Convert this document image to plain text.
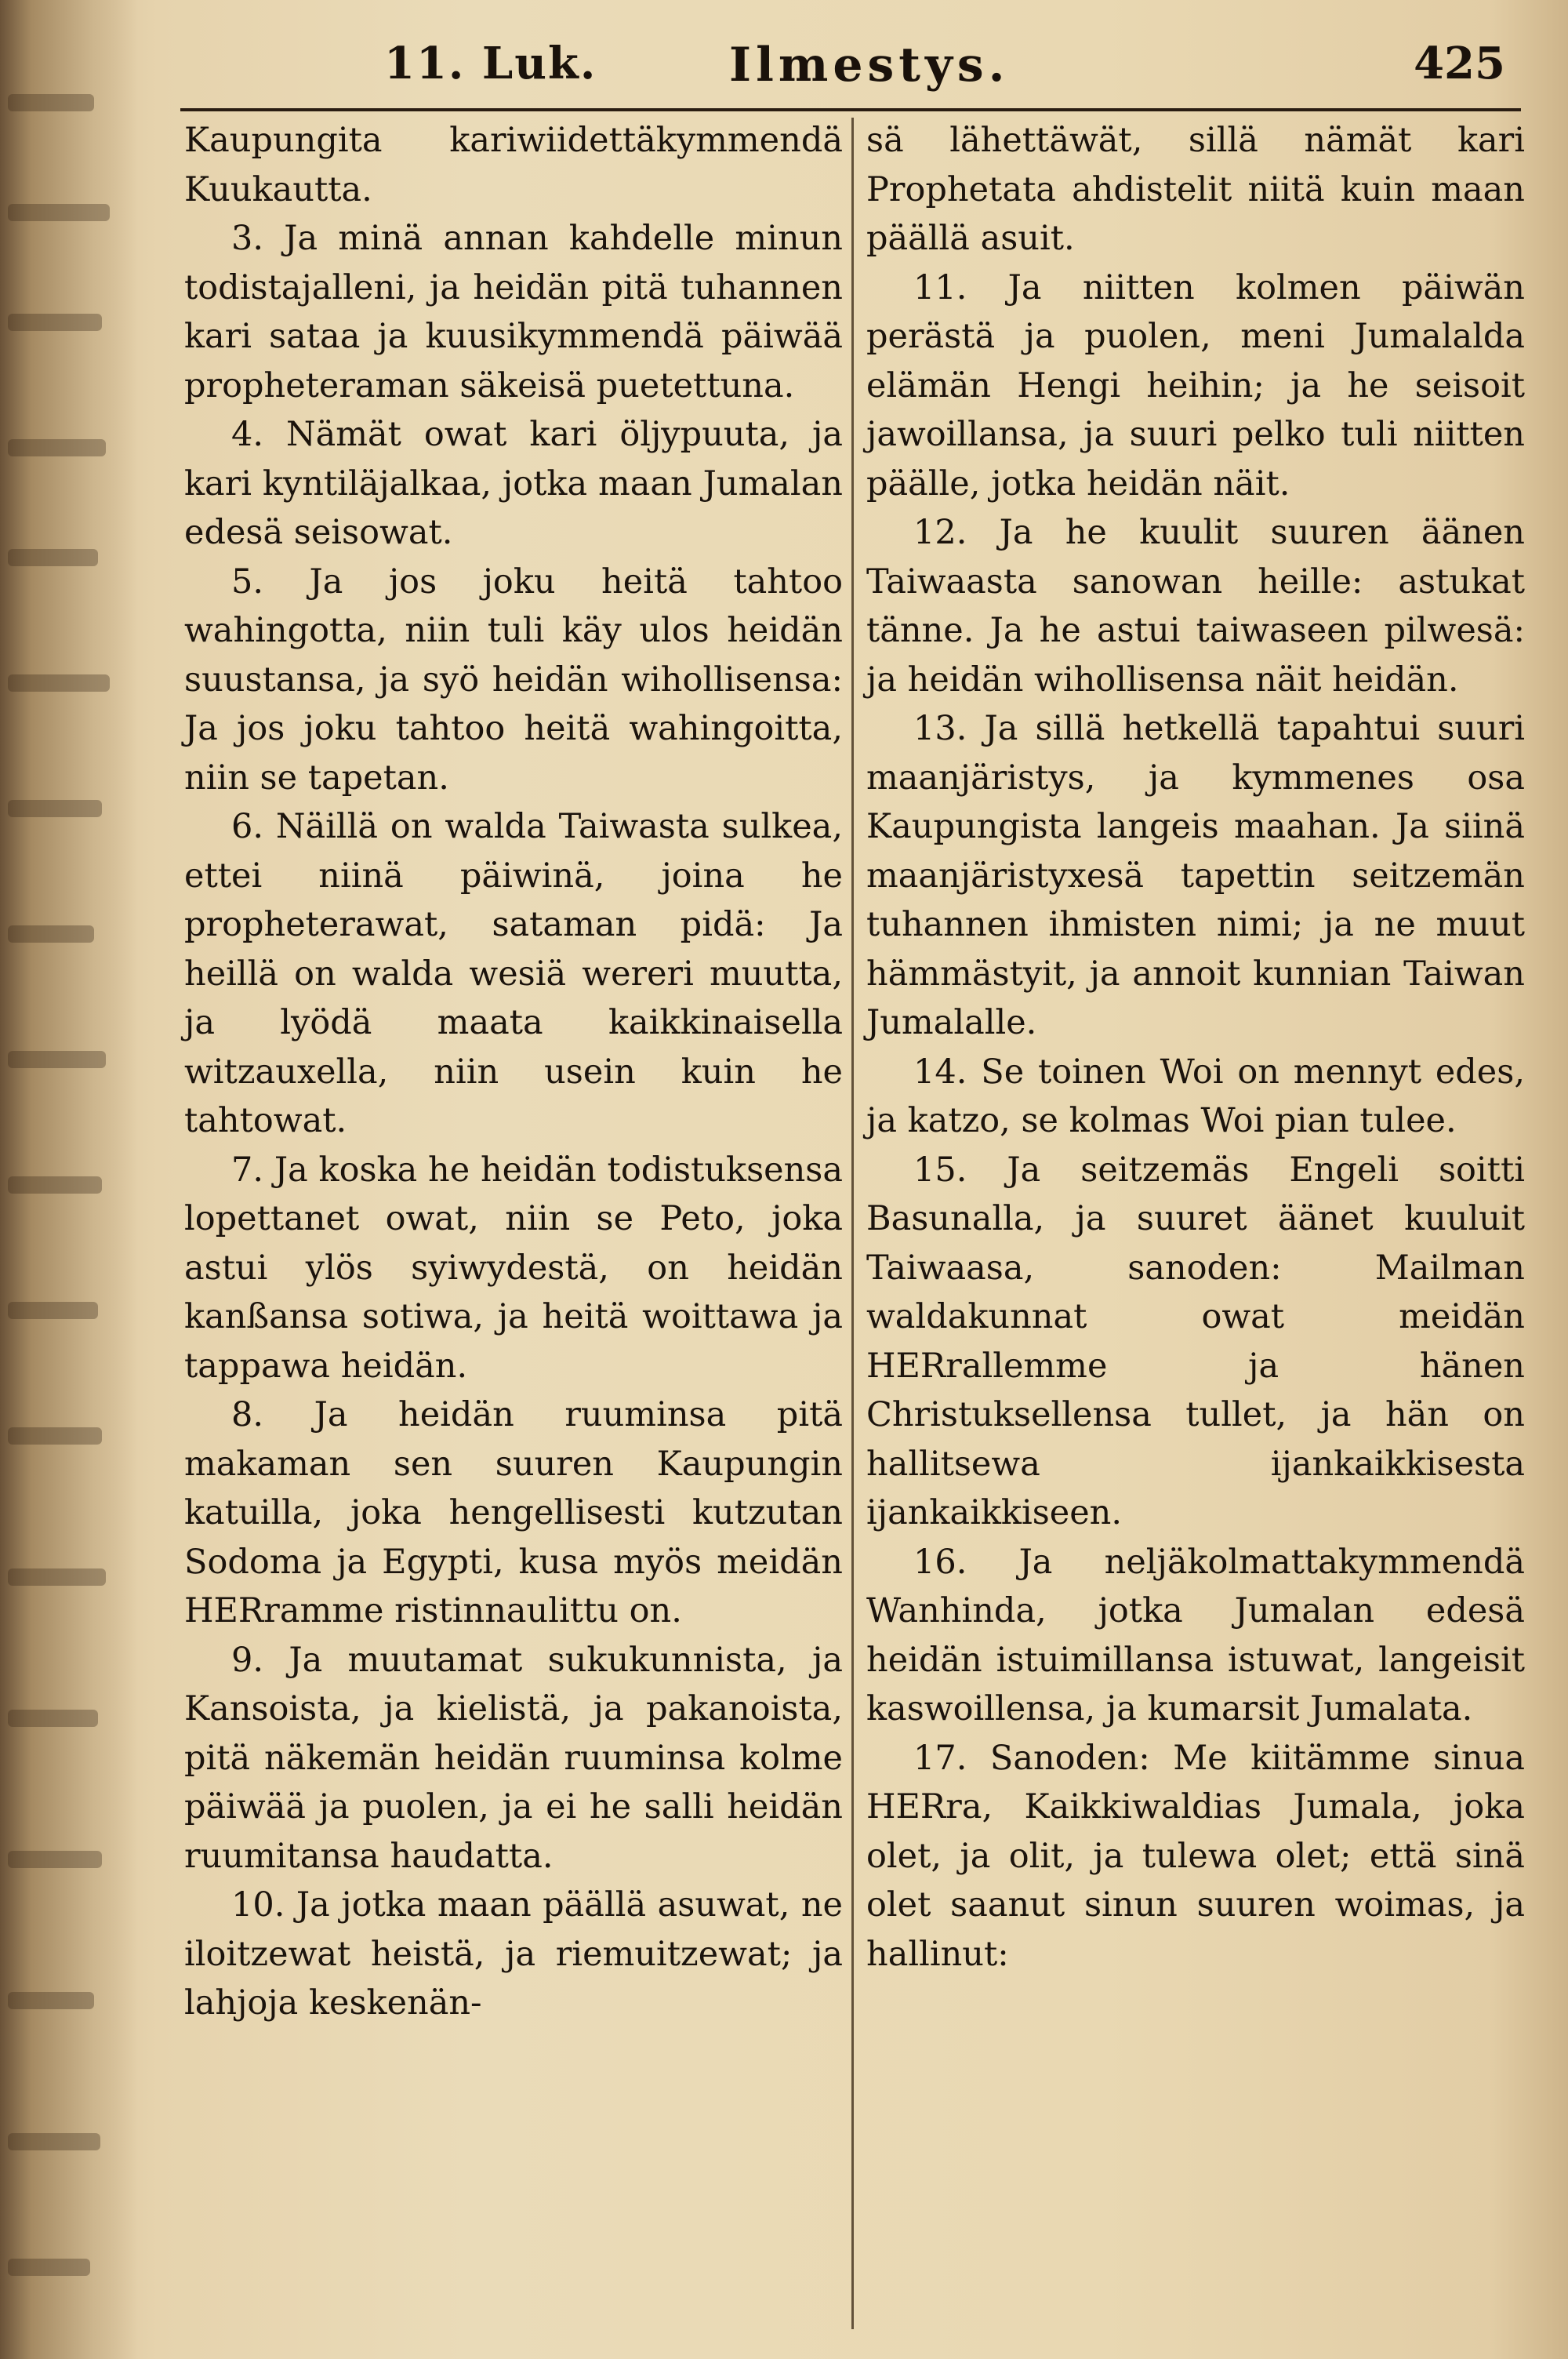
11. Luk.	Ilmestys.	425

Kaupungita kariwiidettäkymmendä Kuukautta.

3. Ja minä annan kahdelle minun todistajalleni, ja heidän pitä tuhannen kari sataa ja kuusikymmendä päiwää propheteraman säkeisä puetettuna.

4. Nämät owat kari öljypuuta, ja kari kyntiläjalkaa, jotka maan Jumalan edesä seisowat.

5. Ja jos joku heitä tahtoo wahingotta, niin tuli käy ulos heidän suustansa, ja syö heidän wihollisensa: Ja jos joku tahtoo heitä wahingoitta, niin se tapetan.

6. Näillä on walda Taiwasta sulkea, ettei niinä päiwinä, joina he propheterawat, sataman pidä: Ja heillä on walda wesiä wereri muutta, ja lyödä maata kaikkinaisella witzauxella, niin usein kuin he tahtowat.

7. Ja koska he heidän todistuksensa lopettanet owat, niin se Peto, joka astui ylös syiwydestä, on heidän kanßansa sotiwa, ja heitä woittawa ja tappawa heidän.

8. Ja heidän ruuminsa pitä makaman sen suuren Kaupungin katuilla, joka hengellisesti kutzutan Sodoma ja Egypti, kusa myös meidän HERramme ristinnaulittu on.

9. Ja muutamat sukukunnista, ja Kansoista, ja kielistä, ja pakanoista, pitä näkemän heidän ruuminsa kolme päiwää ja puolen, ja ei he salli heidän ruumitansa haudatta.

10. Ja jotka maan päällä asuwat, ne iloitzewat heistä, ja riemuitzewat; ja lahjoja keskenän-

sä lähettäwät, sillä nämät kari Prophetata ahdistelit niitä kuin maan päällä asuit.

11. Ja niitten kolmen päiwän perästä ja puolen, meni Jumalalda elämän Hengi heihin; ja he seisoit jawoillansa, ja suuri pelko tuli niitten päälle, jotka heidän näit.

12. Ja he kuulit suuren äänen Taiwaasta sanowan heille: astukat tänne. Ja he astui taiwaseen pilwesä: ja heidän wihollisensa näit heidän.

13. Ja sillä hetkellä tapahtui suuri maanjäristys, ja kymmenes osa Kaupungista langeis maahan. Ja siinä maanjäristyxesä tapettin seitzemän tuhannen ihmisten nimi; ja ne muut hämmästyit, ja annoit kunnian Taiwan Jumalalle.

14. Se toinen Woi on mennyt edes, ja katzo, se kolmas Woi pian tulee.

15. Ja seitzemäs Engeli soitti Basunalla, ja suuret äänet kuuluit Taiwaasa, sanoden: Mailman waldakunnat owat meidän HERrallemme ja hänen Christuksellensa tullet, ja hän on hallitsewa ijankaikkisesta ijankaikkiseen.

16. Ja neljäkolmattakymmendä Wanhinda, jotka Jumalan edesä heidän istuimillansa istuwat, langeisit kaswoillensa, ja kumarsit Jumalata.

17. Sanoden: Me kiitämme sinua HERra, Kaikkiwaldias Jumala, joka olet, ja olit, ja tulewa olet; että sinä olet saanut sinun suuren woimas, ja hallinut:
